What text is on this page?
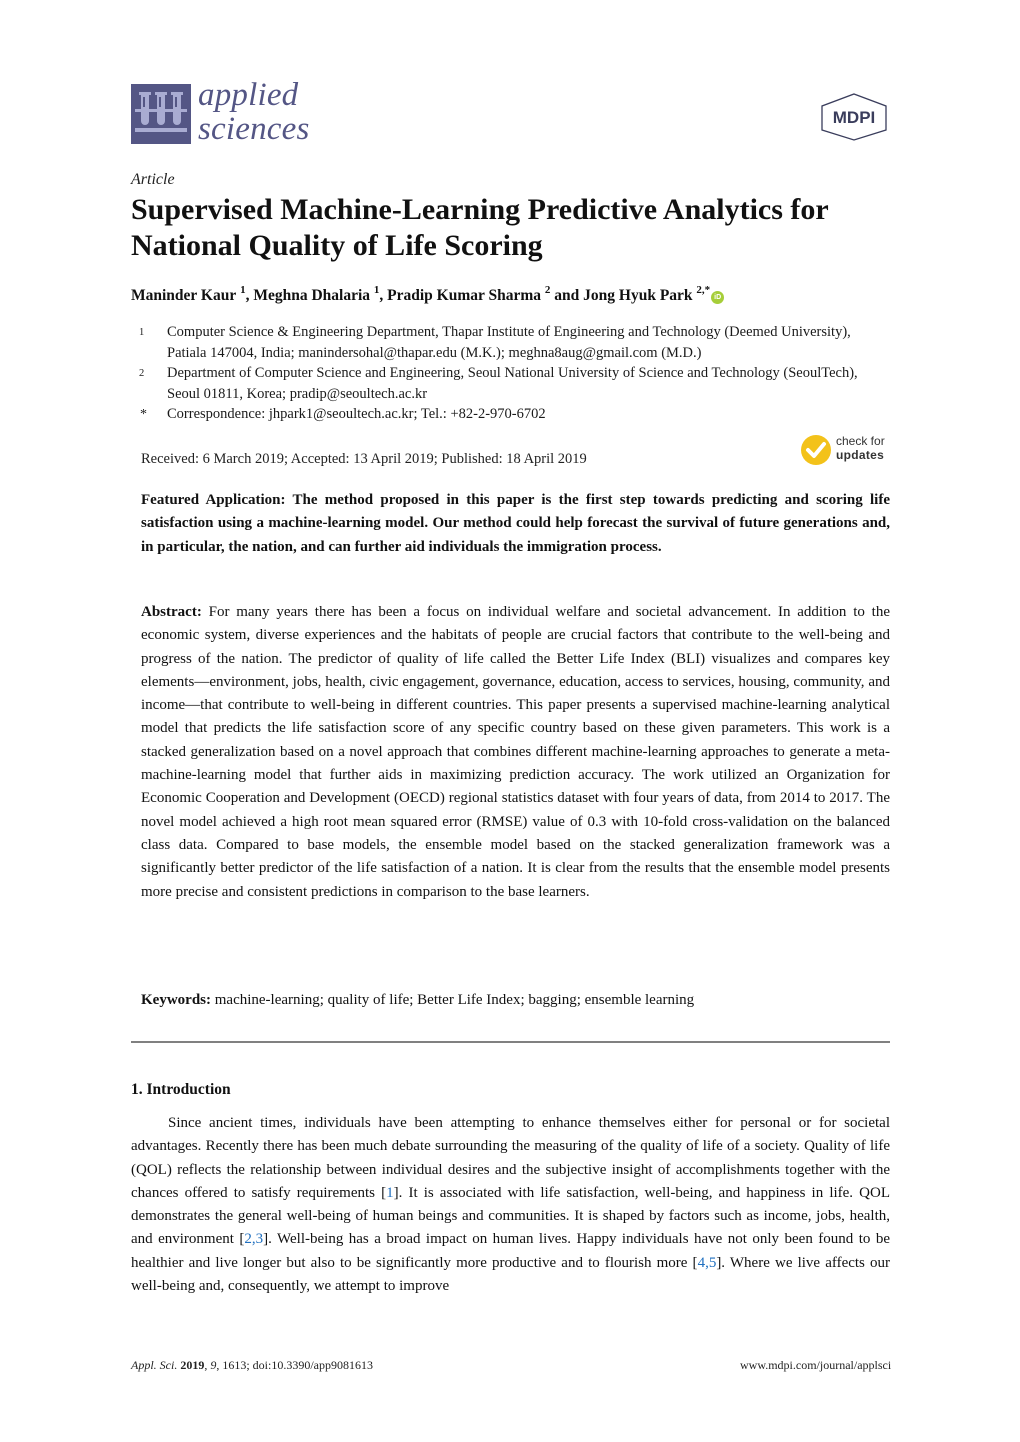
applied
sciences	MDPI
Article
Supervised Machine-Learning Predictive Analytics for National Quality of Life Scoring
Maninder Kaur $^1$, Meghna Dhalaria $^1$, Pradip Kumar Sharma $^2$ and Jong Hyuk Park $^{2,*}$iD
1 Computer Science & Engineering Department, Thapar Institute of Engineering and Technology (Deemed University), Patiala 147004, India; manindersohal@thapar.edu (M.K.); meghna8aug@gmail.com (M.D.)
2 Department of Computer Science and Engineering, Seoul National University of Science and Technology (SeoulTech), Seoul 01811, Korea; pradip@seoultech.ac.kr
* Correspondence: jhpark1@seoultech.ac.kr; Tel.: +82-2-970-6702
Received: 6 March 2019; Accepted: 13 April 2019; Published: 18 April 2019
check for
updates
Featured Application: The method proposed in this paper is the first step towards predicting and scoring life satisfaction using a machine-learning model. Our method could help forecast the survival of future generations and, in particular, the nation, and can further aid individuals the immigration process.
Abstract: For many years there has been a focus on individual welfare and societal advancement. In addition to the economic system, diverse experiences and the habitats of people are crucial factors that contribute to the well-being and progress of the nation. The predictor of quality of life called the Better Life Index (BLI) visualizes and compares key elements—environment, jobs, health, civic engagement, governance, education, access to services, housing, community, and income—that contribute to well-being in different countries. This paper presents a supervised machine-learning analytical model that predicts the life satisfaction score of any specific country based on these given parameters. This work is a stacked generalization based on a novel approach that combines different machine-learning approaches to generate a meta-machine-learning model that further aids in maximizing prediction accuracy. The work utilized an Organization for Economic Cooperation and Development (OECD) regional statistics dataset with four years of data, from 2014 to 2017. The novel model achieved a high root mean squared error (RMSE) value of 0.3 with 10-fold cross-validation on the balanced class data. Compared to base models, the ensemble model based on the stacked generalization framework was a significantly better predictor of the life satisfaction of a nation. It is clear from the results that the ensemble model presents more precise and consistent predictions in comparison to the base learners.
Keywords: machine-learning; quality of life; Better Life Index; bagging; ensemble learning
1. Introduction

Since ancient times, individuals have been attempting to enhance themselves either for personal or for societal advantages. Recently there has been much debate surrounding the measuring of the quality of life of a society. Quality of life (QOL) reflects the relationship between individual desires and the subjective insight of accomplishments together with the chances offered to satisfy requirements [1]. It is associated with life satisfaction, well-being, and happiness in life. QOL demonstrates the general well-being of human beings and communities. It is shaped by factors such as income, jobs, health, and environment [2,3]. Well-being has a broad impact on human lives. Happy individuals have not only been found to be healthier and live longer but also to be significantly more productive and to flourish more [4,5]. Where we live affects our well-being and, consequently, we attempt to improve

Appl. Sci. 2019, 9, 1613; doi:10.3390/app9081613	www.mdpi.com/journal/applsci
